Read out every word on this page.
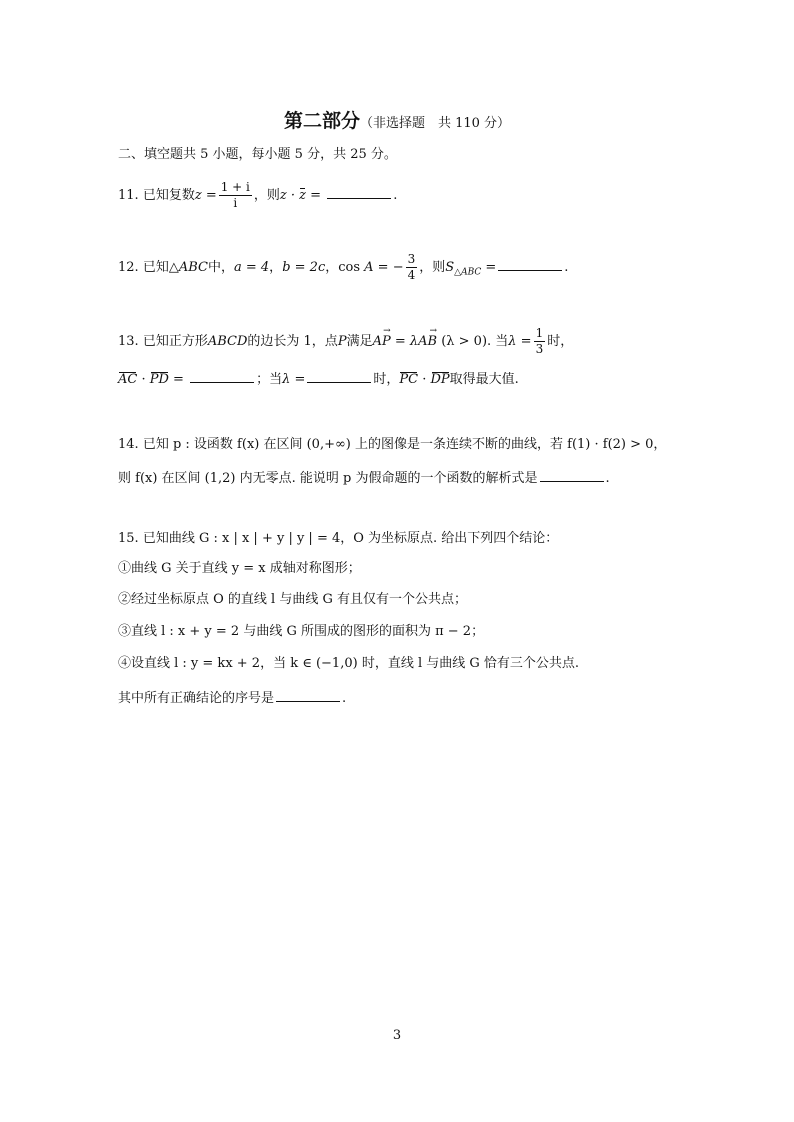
第二部分（非选择题　共 110 分）
二、填空题共 5 小题，每小题 5 分，共 25 分。
11. 已知复数$z = \frac{1 + i}{i}$ ，则z · z =	.
12. 已知△ABC中，a = 4，b = 2c，cos A = − $\frac{3}{4}$ ，则$S_{\triangle ABC}$ =	.
13. 已知正方形ABCD的边长为 1，点P满足→ AP = λ→ AB (λ > 0). 当$\lambda = \frac{1}{3}$ 时，
AC · PD =	；当λ =	时，PC · DP取得最大值.
14. 已知 p : 设函数 f(x) 在区间 (0,+∞) 上的图像是一条连续不断的曲线，若 f(1) · f(2) > 0，
则 f(x) 在区间 (1,2) 内无零点. 能说明 p 为假命题的一个函数的解析式是	.
15. 已知曲线 G : x | x | + y | y | = 4，O 为坐标原点. 给出下列四个结论：
①曲线 G 关于直线 y = x 成轴对称图形；
②经过坐标原点 O 的直线 l 与曲线 G 有且仅有一个公共点；
③直线 l : x + y = 2 与曲线 G 所围成的图形的面积为 π − 2；
④设直线 l : y = kx + 2，当 k ∈ (−1,0) 时，直线 l 与曲线 G 恰有三个公共点.
其中所有正确结论的序号是	.
3
